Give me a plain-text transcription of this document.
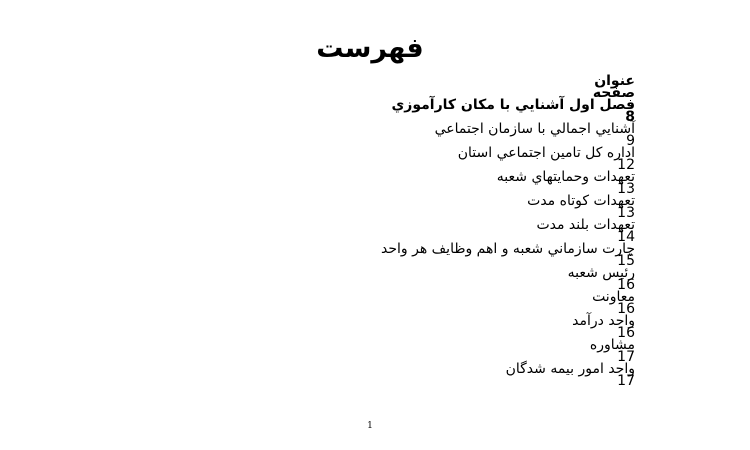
فهرست
عنوان
صفحه
فصل اول آشنايي با مكان كارآموزي
8
آشنايي اجمالي با سازمان اجتماعي
9
اداره كل تامين اجتماعي استان
12
تعهدات وحمايتهاي شعبه
13
تعهدات كوتاه مدت
13
تعهدات بلند مدت
14
چارت سازماني شعبه و اهم وظايف هر واحد
15
رئيس شعبه
16
معاونت
16
واحد درآمد
16
مشاوره
17
واحد امور بيمه شدگان
17
1
